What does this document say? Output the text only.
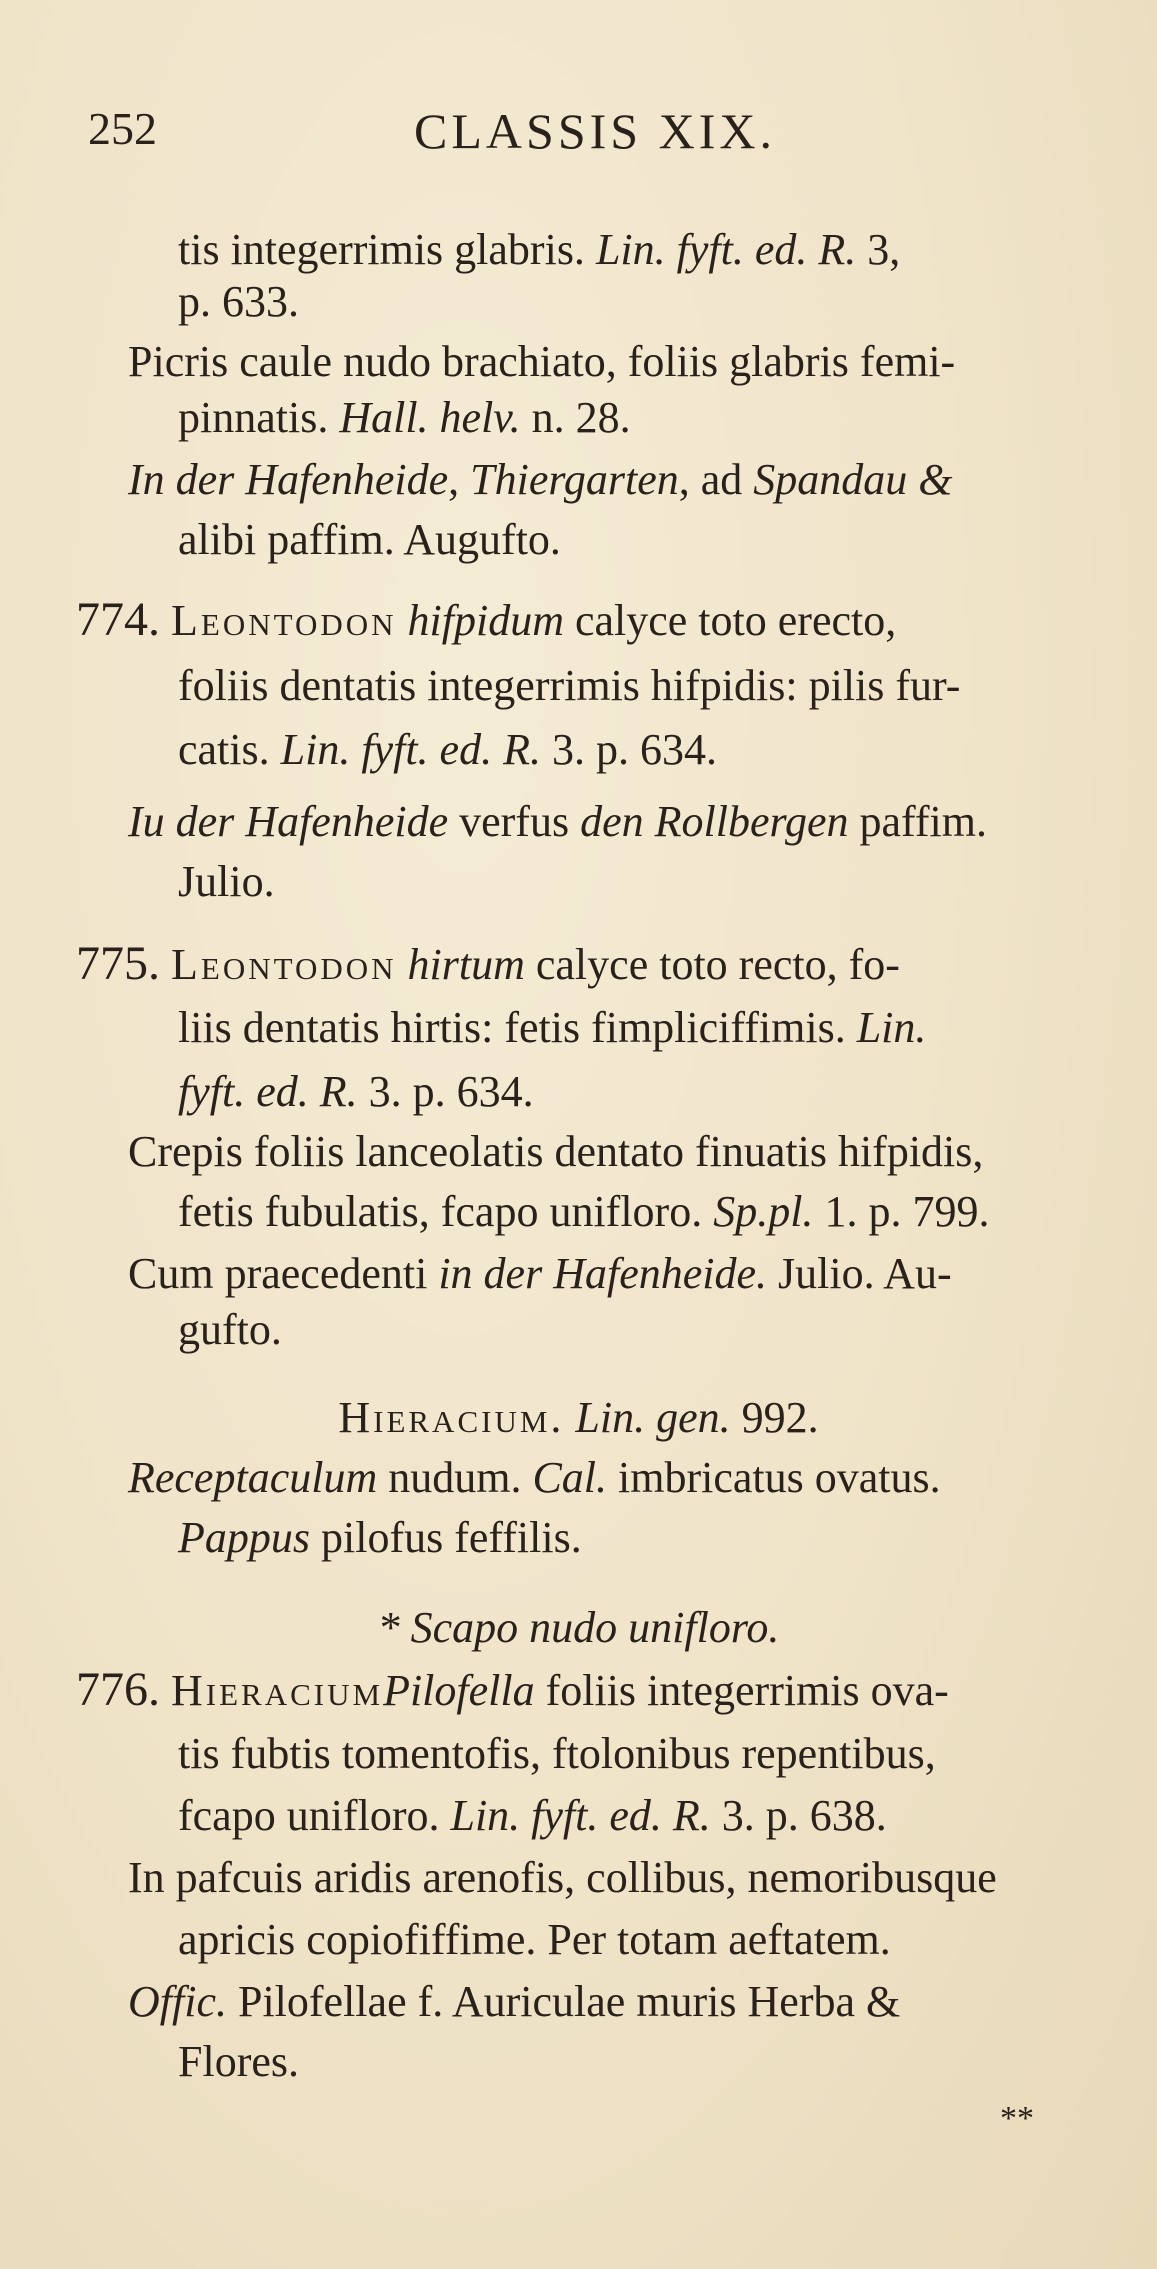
252	CLASSIS XIX.
tis integerrimis glabris. Lin. fyft. ed. R. 3,
p. 633.
Picris caule nudo brachiato, foliis glabris femi-
pinnatis. Hall. helv. n. 28.
In der Hafenheide, Thiergarten, ad Spandau &
alibi paffim. Augufto.
774. Leontodon hifpidum calyce toto erecto,
foliis dentatis integerrimis hifpidis: pilis fur-
catis. Lin. fyft. ed. R. 3. p. 634.
Iu der Hafenheide verfus den Rollbergen paffim.
Julio.
775. Leontodon hirtum calyce toto recto, fo-
liis dentatis hirtis: fetis fimpliciffimis. Lin.
fyft. ed. R. 3. p. 634.
Crepis foliis lanceolatis dentato finuatis hifpidis,
fetis fubulatis, fcapo unifloro. Sp.pl. 1. p. 799.
Cum praecedenti in der Hafenheide. Julio. Au-
gufto.
Hieracium. Lin. gen. 992.
Receptaculum nudum. Cal. imbricatus ovatus.
Pappus pilofus feffilis.
* Scapo nudo unifloro.
776. HieraciumPilofella foliis integerrimis ova-
tis fubtis tomentofis, ftolonibus repentibus,
fcapo unifloro. Lin. fyft. ed. R. 3. p. 638.
In pafcuis aridis arenofis, collibus, nemoribusque
apricis copiofiffime. Per totam aeftatem.
Offic. Pilofellae f. Auriculae muris Herba &
Flores.
**
